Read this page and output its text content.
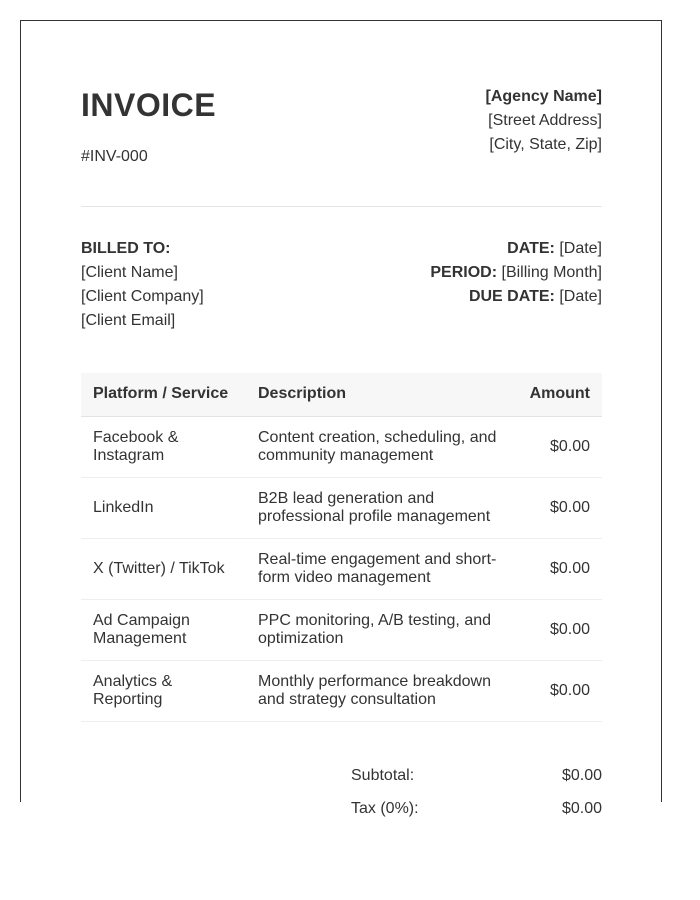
INVOICE
#INV-000
[Agency Name]
[Street Address]
[City, State, Zip]
BILLED TO:
[Client Name]
[Client Company]
[Client Email]
DATE: [Date]
PERIOD: [Billing Month]
DUE DATE: [Date]
Platform / Service	Description	Amount
Facebook & Instagram	Content creation, scheduling, and community management	$0.00
LinkedIn	B2B lead generation and professional profile management	$0.00
X (Twitter) / TikTok	Real-time engagement and short-form video management	$0.00
Ad Campaign Management	PPC monitoring, A/B testing, and optimization	$0.00
Analytics & Reporting	Monthly performance breakdown and strategy consultation	$0.00
Subtotal:	$0.00
Tax (0%):	$0.00
